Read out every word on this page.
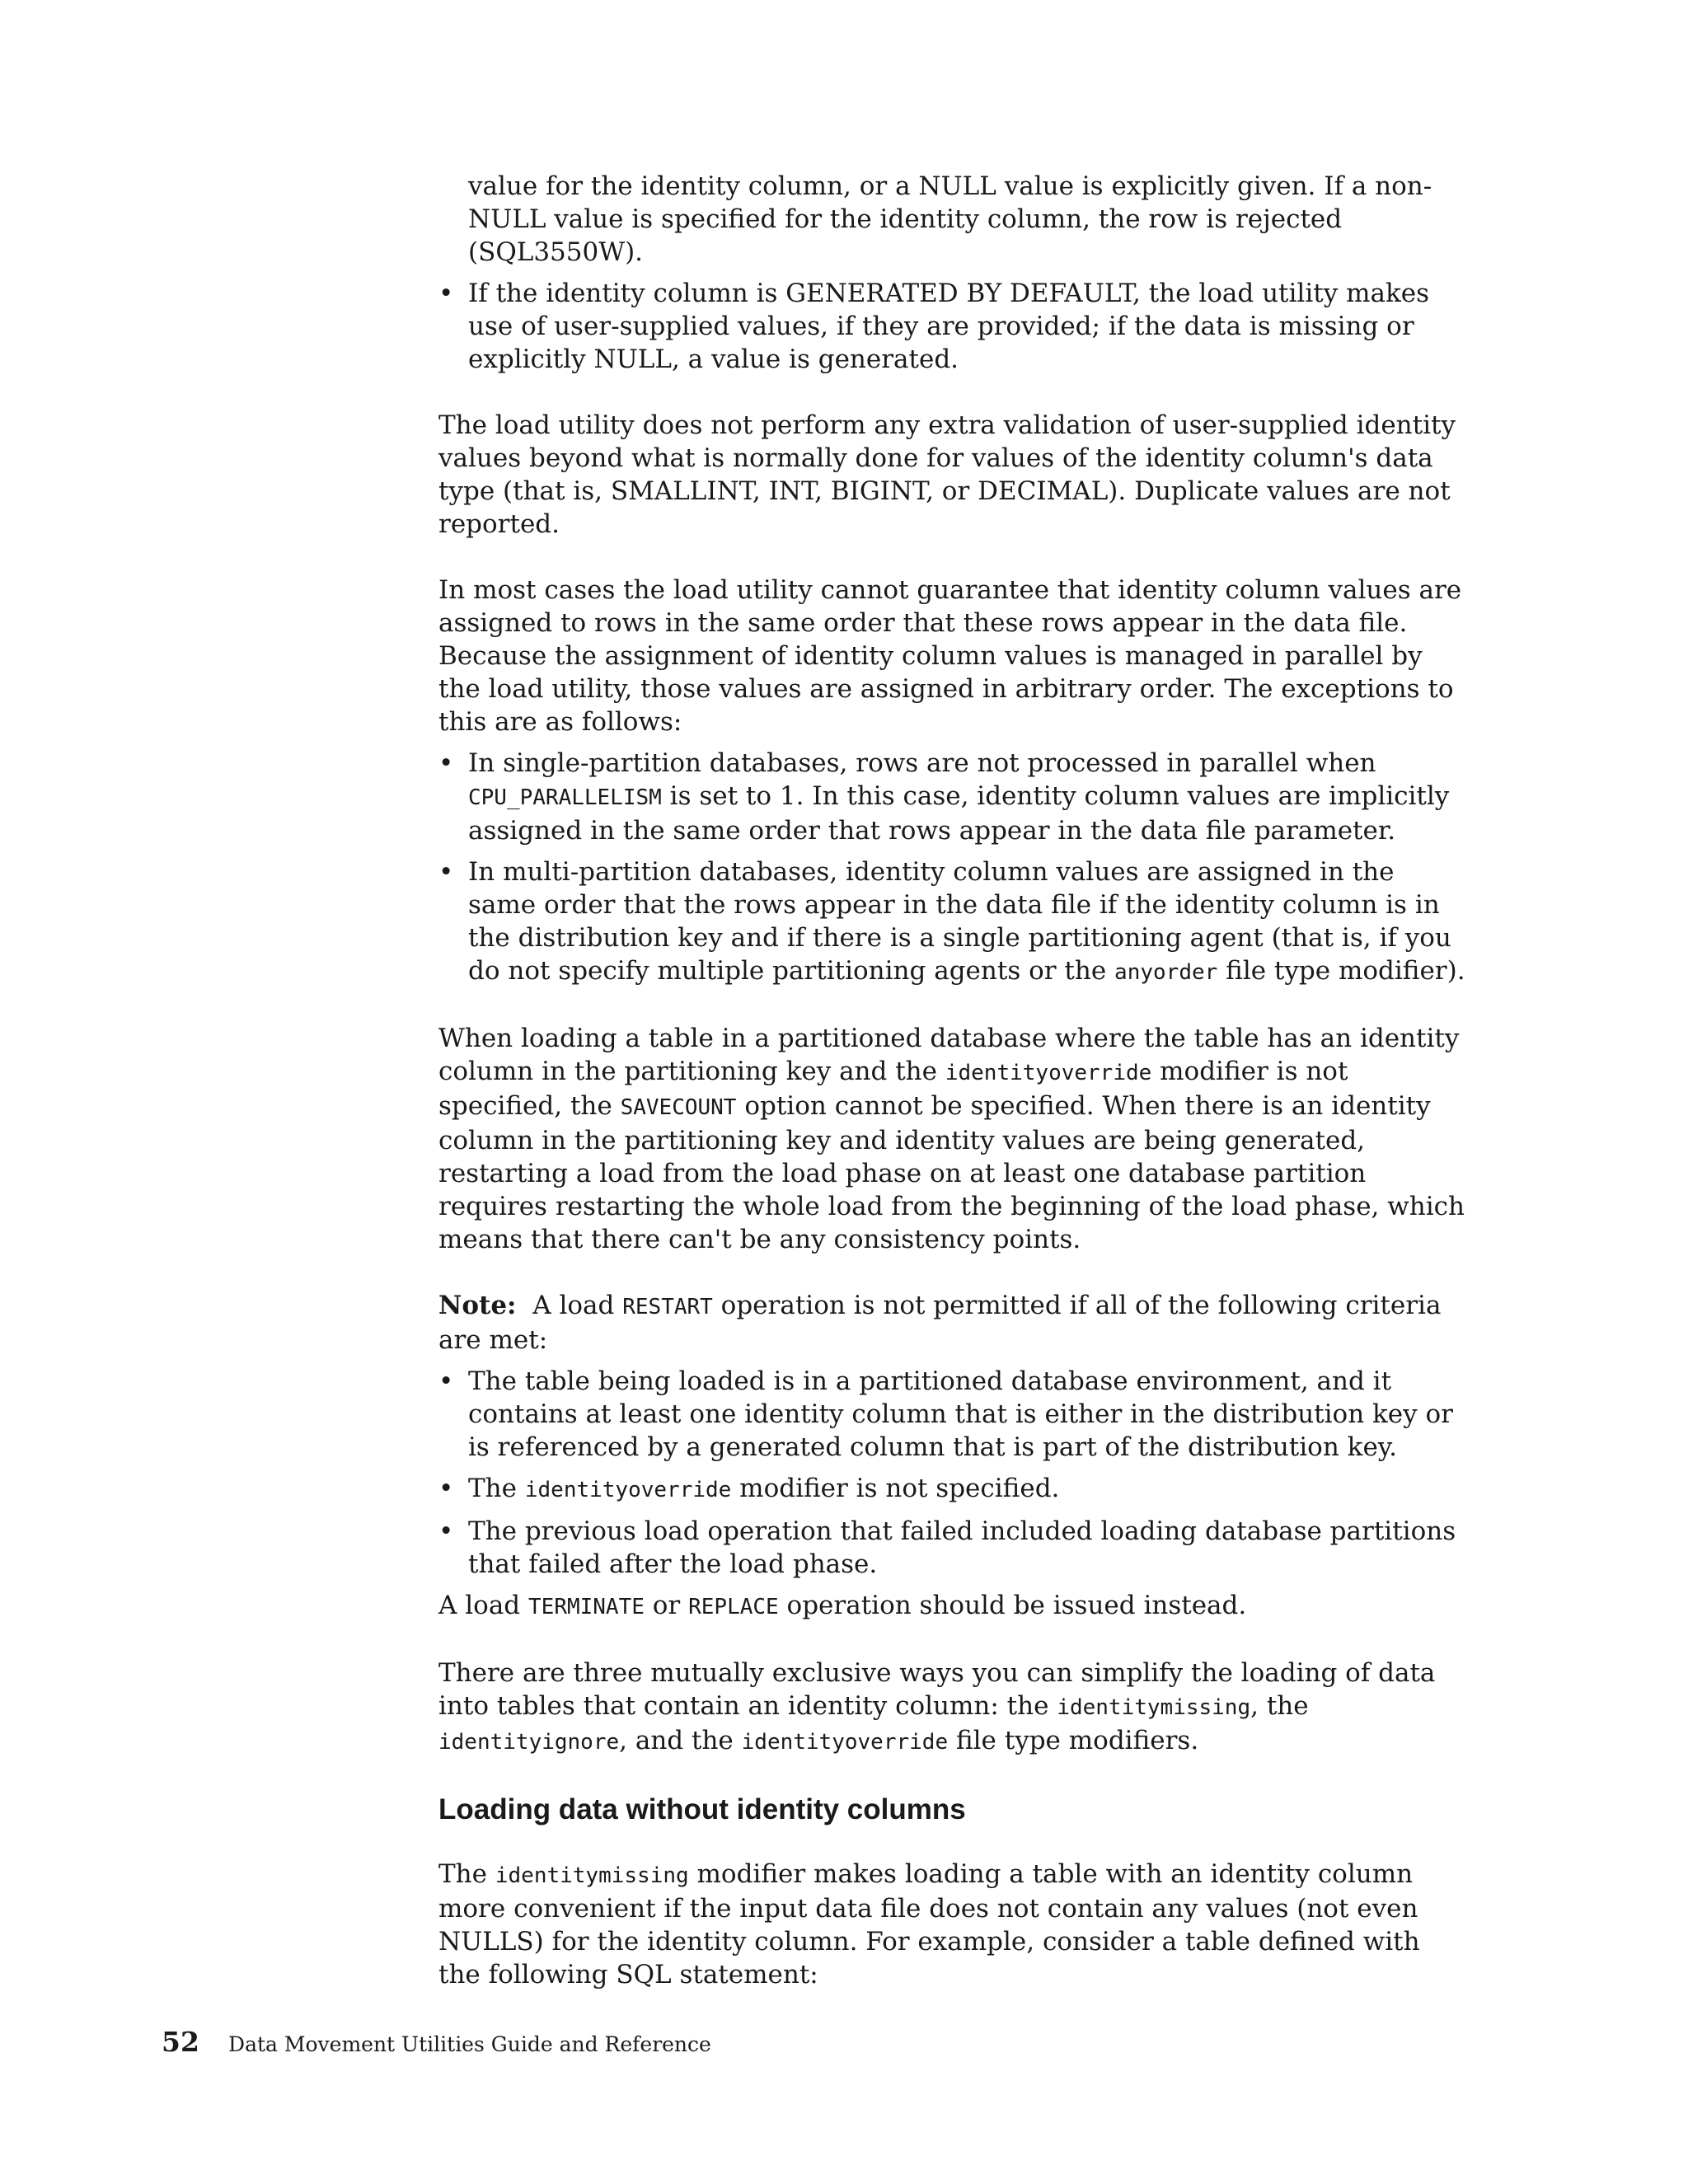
value for the identity column, or a NULL value is explicitly given. If a non-NULL value is specified for the identity column, the row is rejected (SQL3550W).

• If the identity column is GENERATED BY DEFAULT, the load utility makes use of user-supplied values, if they are provided; if the data is missing or explicitly NULL, a value is generated.

The load utility does not perform any extra validation of user-supplied identity values beyond what is normally done for values of the identity column's data type (that is, SMALLINT, INT, BIGINT, or DECIMAL). Duplicate values are not reported.

In most cases the load utility cannot guarantee that identity column values are assigned to rows in the same order that these rows appear in the data file. Because the assignment of identity column values is managed in parallel by the load utility, those values are assigned in arbitrary order. The exceptions to this are as follows:

• In single-partition databases, rows are not processed in parallel when CPU_PARALLELISM is set to 1. In this case, identity column values are implicitly assigned in the same order that rows appear in the data file parameter.
• In multi-partition databases, identity column values are assigned in the same order that the rows appear in the data file if the identity column is in the distribution key and if there is a single partitioning agent (that is, if you do not specify multiple partitioning agents or the anyorder file type modifier).

When loading a table in a partitioned database where the table has an identity column in the partitioning key and the identityoverride modifier is not specified, the SAVECOUNT option cannot be specified. When there is an identity column in the partitioning key and identity values are being generated, restarting a load from the load phase on at least one database partition requires restarting the whole load from the beginning of the load phase, which means that there can't be any consistency points.

Note: A load RESTART operation is not permitted if all of the following criteria are met:

• The table being loaded is in a partitioned database environment, and it contains at least one identity column that is either in the distribution key or is referenced by a generated column that is part of the distribution key.
• The identityoverride modifier is not specified.
• The previous load operation that failed included loading database partitions that failed after the load phase.

A load TERMINATE or REPLACE operation should be issued instead.

There are three mutually exclusive ways you can simplify the loading of data into tables that contain an identity column: the identitymissing, the identityignore, and the identityoverride file type modifiers.

Loading data without identity columns

The identitymissing modifier makes loading a table with an identity column more convenient if the input data file does not contain any values (not even NULLS) for the identity column. For example, consider a table defined with the following SQL statement:

52 Data Movement Utilities Guide and Reference
